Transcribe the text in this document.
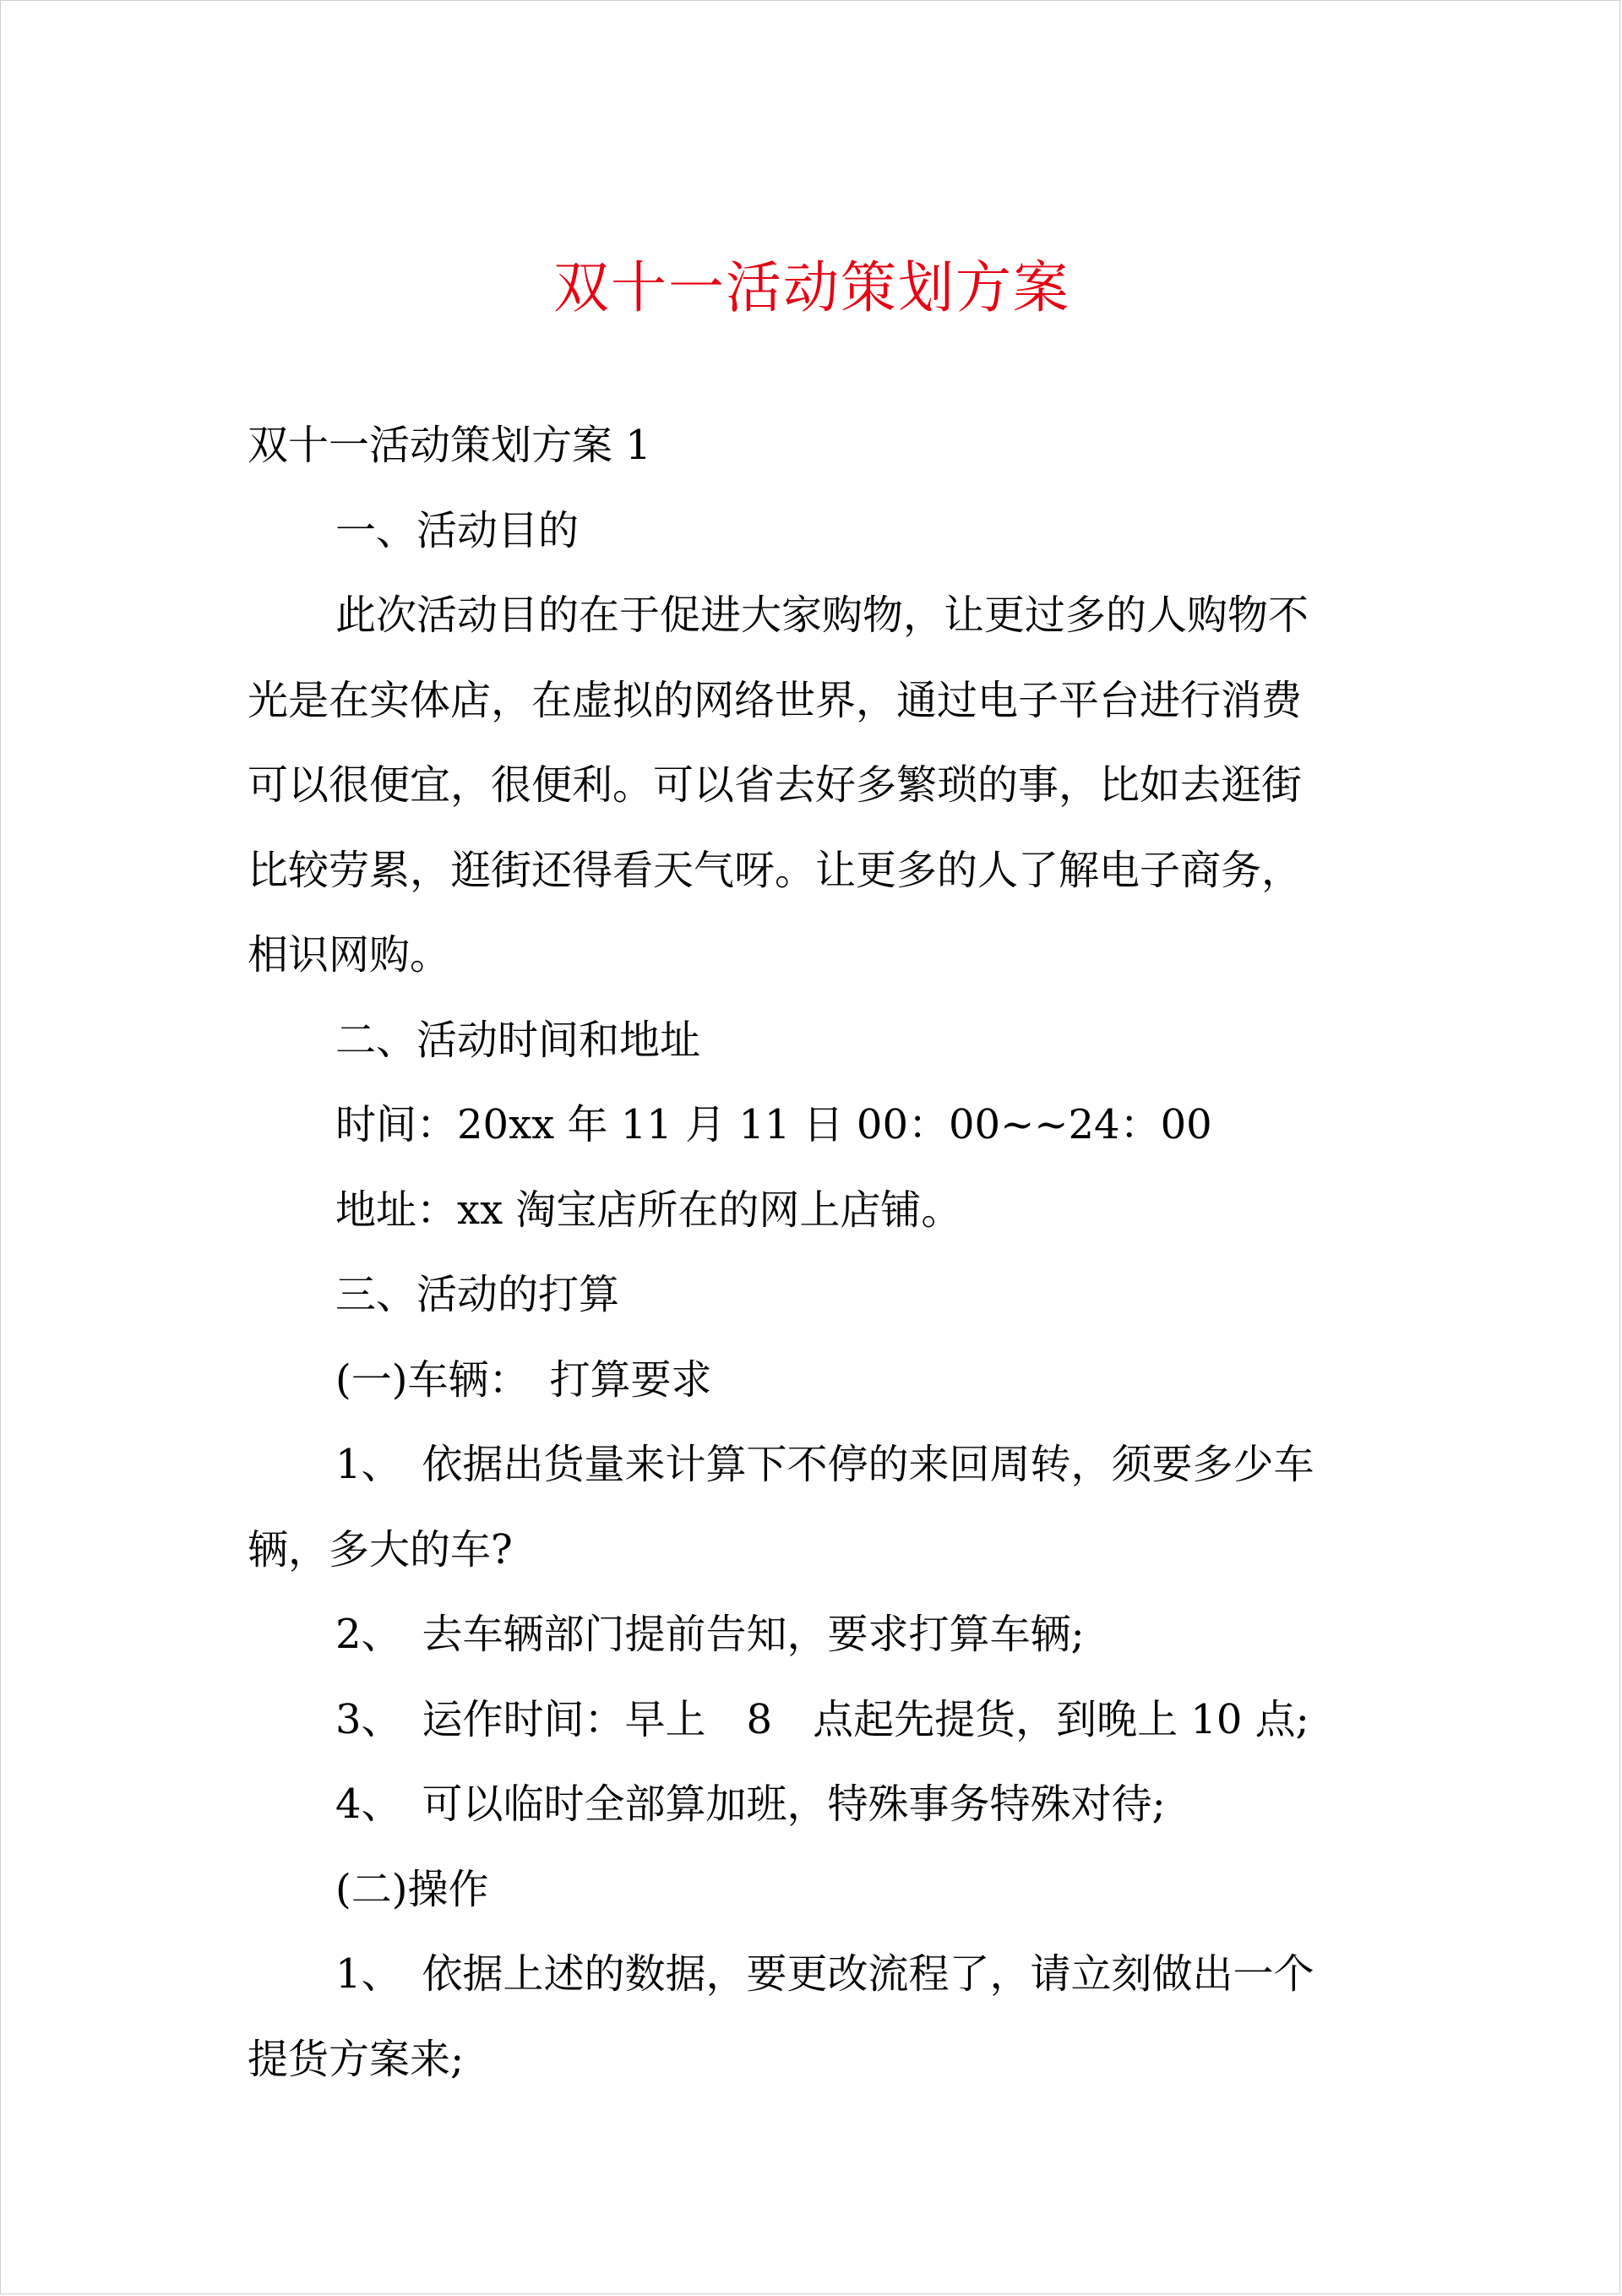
双十一活动策划方案
双十一活动策划方案 1
一、活动目的
此次活动目的在于促进大家购物，让更过多的人购物不
光是在实体店，在虚拟的网络世界，通过电子平台进行消费
可以很便宜，很便利。可以省去好多繁琐的事，比如去逛街
比较劳累，逛街还得看天气呀。让更多的人了解电子商务，
相识网购。
二、活动时间和地址
时间：20xx 年 11 月 11 日 00：00~~24：00
地址：xx 淘宝店所在的网上店铺。
三、活动的打算
(一)车辆：　打算要求
1、　依据出货量来计算下不停的来回周转，须要多少车
辆，多大的车?
2、　去车辆部门提前告知，要求打算车辆;
3、　运作时间：早上　8　点起先提货，到晚上 10 点;
4、　可以临时全部算加班，特殊事务特殊对待;
(二)操作
1、　依据上述的数据，要更改流程了，请立刻做出一个
提货方案来;
